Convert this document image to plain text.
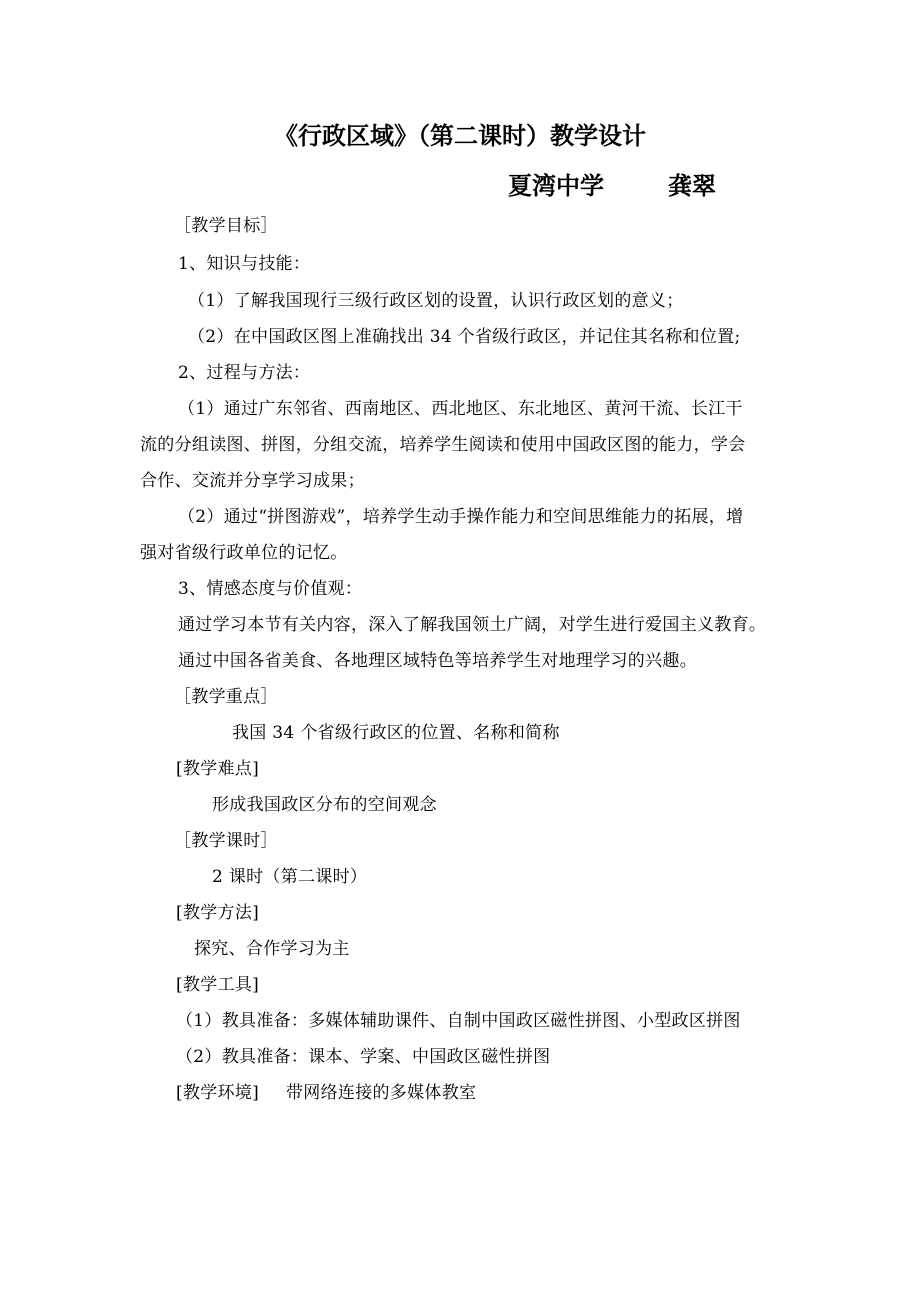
《行政区域》（第二课时）教学设计
夏湾中学	龚翠
［教学目标］
1、知识与技能：
（1）了解我国现行三级行政区划的设置，认识行政区划的意义；
（2）在中国政区图上准确找出 34 个省级行政区，并记住其名称和位置;
2、过程与方法：
（1）通过广东邻省、西南地区、西北地区、东北地区、黄河干流、长江干
流的分组读图、拼图，分组交流，培养学生阅读和使用中国政区图的能力，学会
合作、交流并分享学习成果；
（2）通过“拼图游戏”，培养学生动手操作能力和空间思维能力的拓展，增
强对省级行政单位的记忆。
3、情感态度与价值观：
通过学习本节有关内容，深入了解我国领土广阔，对学生进行爱国主义教育。
通过中国各省美食、各地理区域特色等培养学生对地理学习的兴趣。
［教学重点］
我国 34 个省级行政区的位置、名称和简称
[教学难点]
形成我国政区分布的空间观念
［教学课时］
2 课时（第二课时）
[教学方法]
探究、合作学习为主
[教学工具]
（1）教具准备：多媒体辅助课件、自制中国政区磁性拼图、小型政区拼图
（2）教具准备：课本、学案、中国政区磁性拼图
[教学环境] 带网络连接的多媒体教室
